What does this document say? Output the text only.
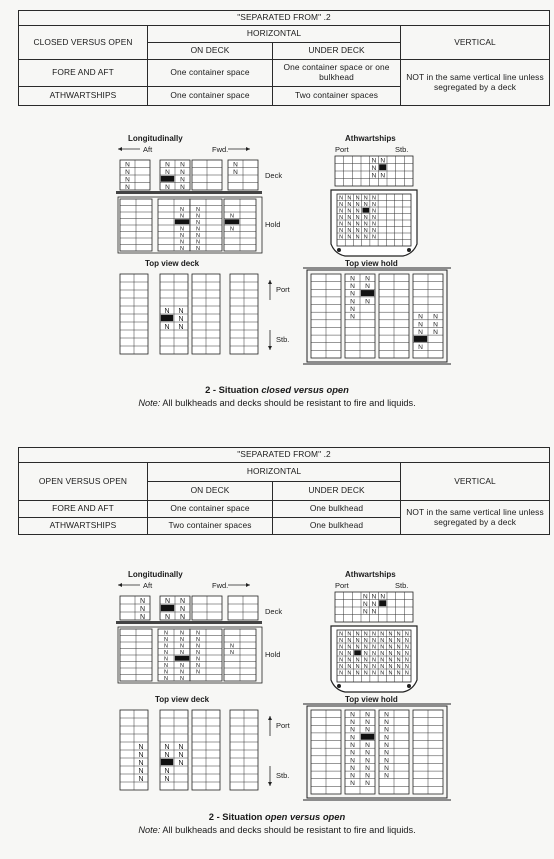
"SEPARATED FROM" .2			
CLOSED VERSUS OPEN	HORIZONTAL		VERTICAL
	ON DECK	UNDER DECK	
FORE AND AFT	One container space	One container space or one bulkhead	NOT in the same vertical line unless segregated by a deck
ATHWARTSHIPS	One container space	Two container spaces	
Longitudinally
Aft	Fwd.
N
N
N
N
N N
N N
N
N N
N
N	Deck
N
N
N
N
N
N
N
N
N
N
N
N
N
N
N
Hold
Athwartships
Port	Stb.
N N
N
N N
N N N N N
N N N N N
N N N N
N N N N N
N N N N N
N N N N N
N N N N N
Top view deck
N
N
N
N
N
Port
Stb.
Top view hold
N
N
N
N
N
N
N
N
N
N
N
N
N
N
N
N
2 - Situation closed versus open
Note: All bulkheads and decks should be resistant to fire and liquids.
"SEPARATED FROM" .2			
OPEN VERSUS OPEN	HORIZONTAL		VERTICAL
	ON DECK	UNDER DECK	
FORE AND AFT	One container space	One bulkhead	NOT in the same vertical line unless segregated by a deck
ATHWARTSHIPS	Two container spaces	One bulkhead	
Longitudinally
Aft	Fwd.
N
N
N
N N
N
N N
Deck
N
N
N
N
N
N
N
N
N
N
N
N
N
N
N
N
N
N
N
N
N
N
N
N	Hold
Athwartships
Port	Stb.
N N N
N N
N N
N N N N N N
N N N N N N
N N N N N N
N N N N N
N N N N N N
N N N N N N
N N N N N N
N N N
N N N
N N N
N N N
N N N
N N N
N N N
Top view deck
N
N
N
N
N
N N
N N
N
N
N
Port
Stb.
Top view hold
N
N
N
N
N
N
N
N
N
N
N
N
N
N
N
N
N
N
N
N
N
N
N
N
N
N
N
N
2 - Situation open versus open
Note: All bulkheads and decks should be resistant to fire and liquids.
